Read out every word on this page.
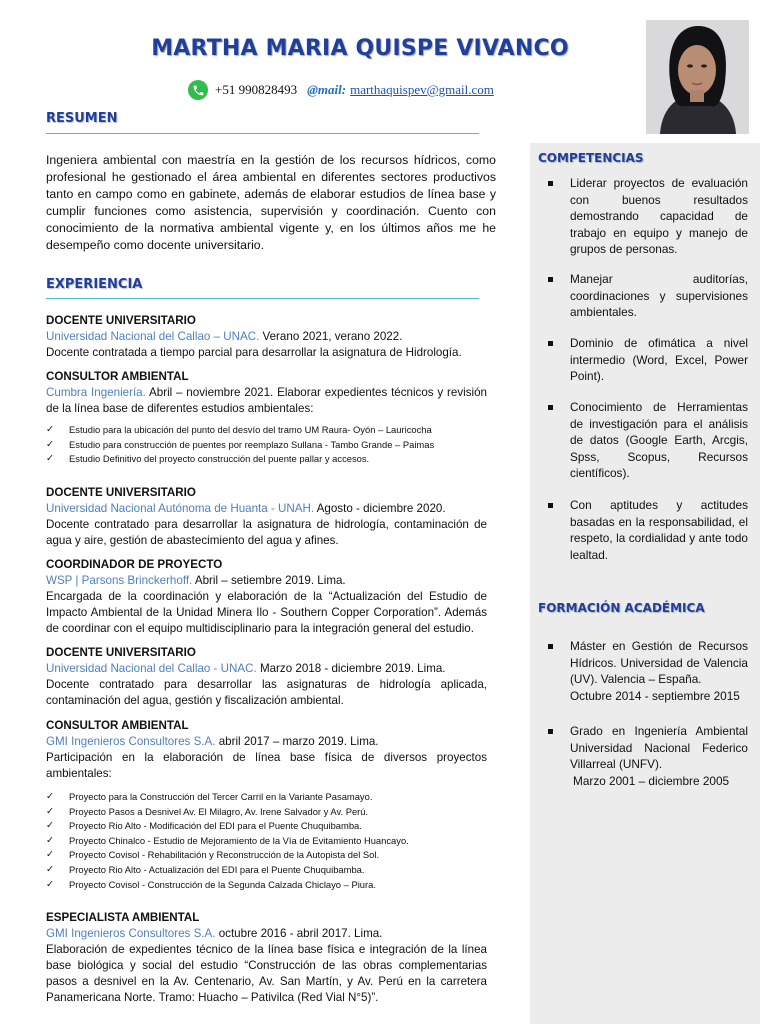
MARTHA MARIA QUISPE VIVANCO
+51 990828493 @mail: marthaquispev@gmail.com
RESUMEN
Ingeniera ambiental con maestría en la gestión de los recursos hídricos, como profesional he gestionado el área ambiental en diferentes sectores productivos tanto en campo como en gabinete, además de elaborar estudios de línea base y cumplir funciones como asistencia, supervisión y coordinación. Cuento con conocimiento de la normativa ambiental vigente y, en los últimos años me he desempeño como docente universitario.
EXPERIENCIA
DOCENTE UNIVERSITARIO
Universidad Nacional del Callao – UNAC. Verano 2021, verano 2022.
Docente contratada a tiempo parcial para desarrollar la asignatura de Hidrología.
CONSULTOR AMBIENTAL
Cumbra Ingeniería. Abril – noviembre 2021. Elaborar expedientes técnicos y revisión de la línea base de diferentes estudios ambientales:
✓ Estudio para la ubicación del punto del desvío del tramo UM Raura- Oyón – Lauricocha
✓ Estudio para construcción de puentes por reemplazo Sullana - Tambo Grande – Paimas
✓ Estudio Definitivo del proyecto construcción del puente pallar y accesos.
DOCENTE UNIVERSITARIO
Universidad Nacional Autónoma de Huanta - UNAH. Agosto - diciembre 2020.
Docente contratado para desarrollar la asignatura de hidrología, contaminación de agua y aire, gestión de abastecimiento del agua y afines.
COORDINADOR DE PROYECTO
WSP | Parsons Brinckerhoff. Abril – setiembre 2019. Lima.
Encargada de la coordinación y elaboración de la “Actualización del Estudio de Impacto Ambiental de la Unidad Minera Ilo - Southern Copper Corporation”. Además de coordinar con el equipo multidisciplinario para la integración general del estudio.
DOCENTE UNIVERSITARIO
Universidad Nacional del Callao - UNAC. Marzo 2018 - diciembre 2019. Lima.
Docente contratado para desarrollar las asignaturas de hidrología aplicada, contaminación del agua, gestión y fiscalización ambiental.
CONSULTOR AMBIENTAL
GMI Ingenieros Consultores S.A. abril 2017 – marzo 2019. Lima.
Participación en la elaboración de línea base física de diversos proyectos ambientales:
✓ Proyecto para la Construcción del Tercer Carril en la Variante Pasamayo.
✓ Proyecto Pasos a Desnivel Av. El Milagro, Av. Irene Salvador y Av. Perú.
✓ Proyecto Rio Alto - Modificación del EDI para el Puente Chuquibamba.
✓ Proyecto Chinalco - Estudio de Mejoramiento de la Vía de Evitamiento Huancayo.
✓ Proyecto Covisol - Rehabilitación y Reconstrucción de la Autopista del Sol.
✓ Proyecto Rio Alto - Actualización del EDI para el Puente Chuquibamba.
✓ Proyecto Covisol - Construcción de la Segunda Calzada Chiclayo – Piura.
ESPECIALISTA AMBIENTAL
GMI Ingenieros Consultores S.A. octubre 2016 - abril 2017. Lima.
Elaboración de expedientes técnico de la línea base física e integración de la línea base biológica y social del estudio “Construcción de las obras complementarias pasos a desnivel en la Av. Centenario, Av. San Martín, y Av. Perú en la carretera Panamericana Norte. Tramo: Huacho – Pativilca (Red Vial N°5)”.
COMPETENCIAS
Liderar proyectos de evaluación con buenos resultados demostrando capacidad de trabajo en equipo y manejo de grupos de personas.
Manejar auditorías, coordinaciones y supervisiones ambientales.
Dominio de ofimática a nivel intermedio (Word, Excel, Power Point).
Conocimiento de Herramientas de investigación para el análisis de datos (Google Earth, Arcgis, Spss, Scopus, Recursos científicos).
Con aptitudes y actitudes basadas en la responsabilidad, el respeto, la cordialidad y ante todo lealtad.
FORMACIÓN ACADÉMICA
Máster en Gestión de Recursos Hídricos. Universidad de Valencia (UV). Valencia – España.
Octubre 2014 - septiembre 2015
Grado en Ingeniería Ambiental Universidad Nacional Federico Villarreal (UNFV).
Marzo 2001 – diciembre 2005
